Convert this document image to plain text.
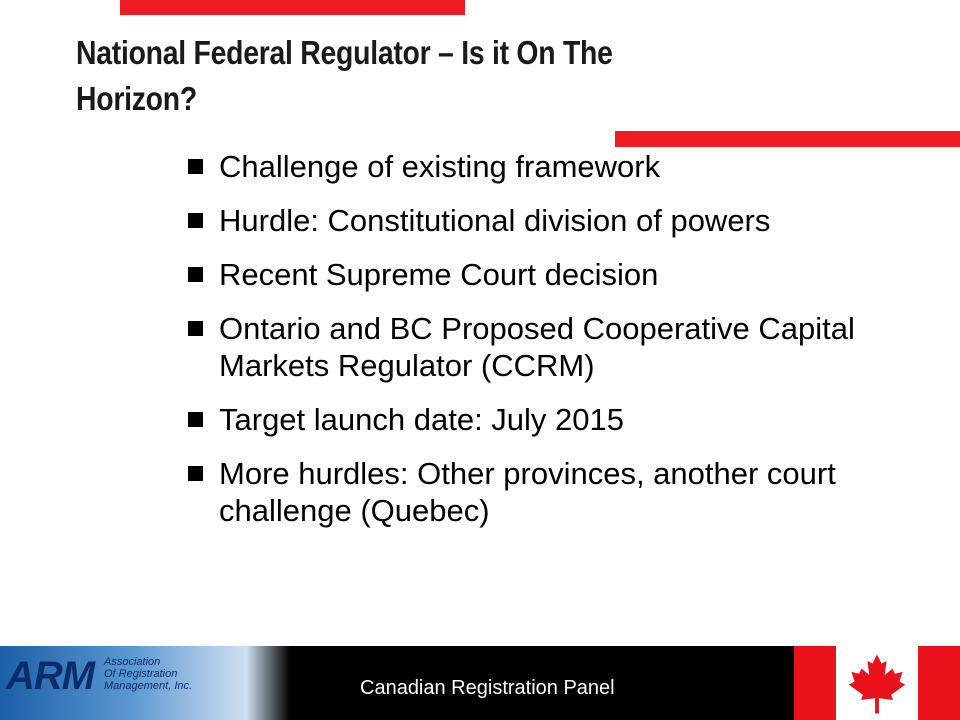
National Federal Regulator – Is it On The Horizon?
Challenge of existing framework
Hurdle: Constitutional division of powers
Recent Supreme Court decision
Ontario and BC Proposed Cooperative Capital Markets Regulator (CCRM)
Target launch date: July 2015
More hurdles: Other provinces, another court challenge (Quebec)
ARM Association
Of Registration
Management, Inc.	Canadian Registration Panel
